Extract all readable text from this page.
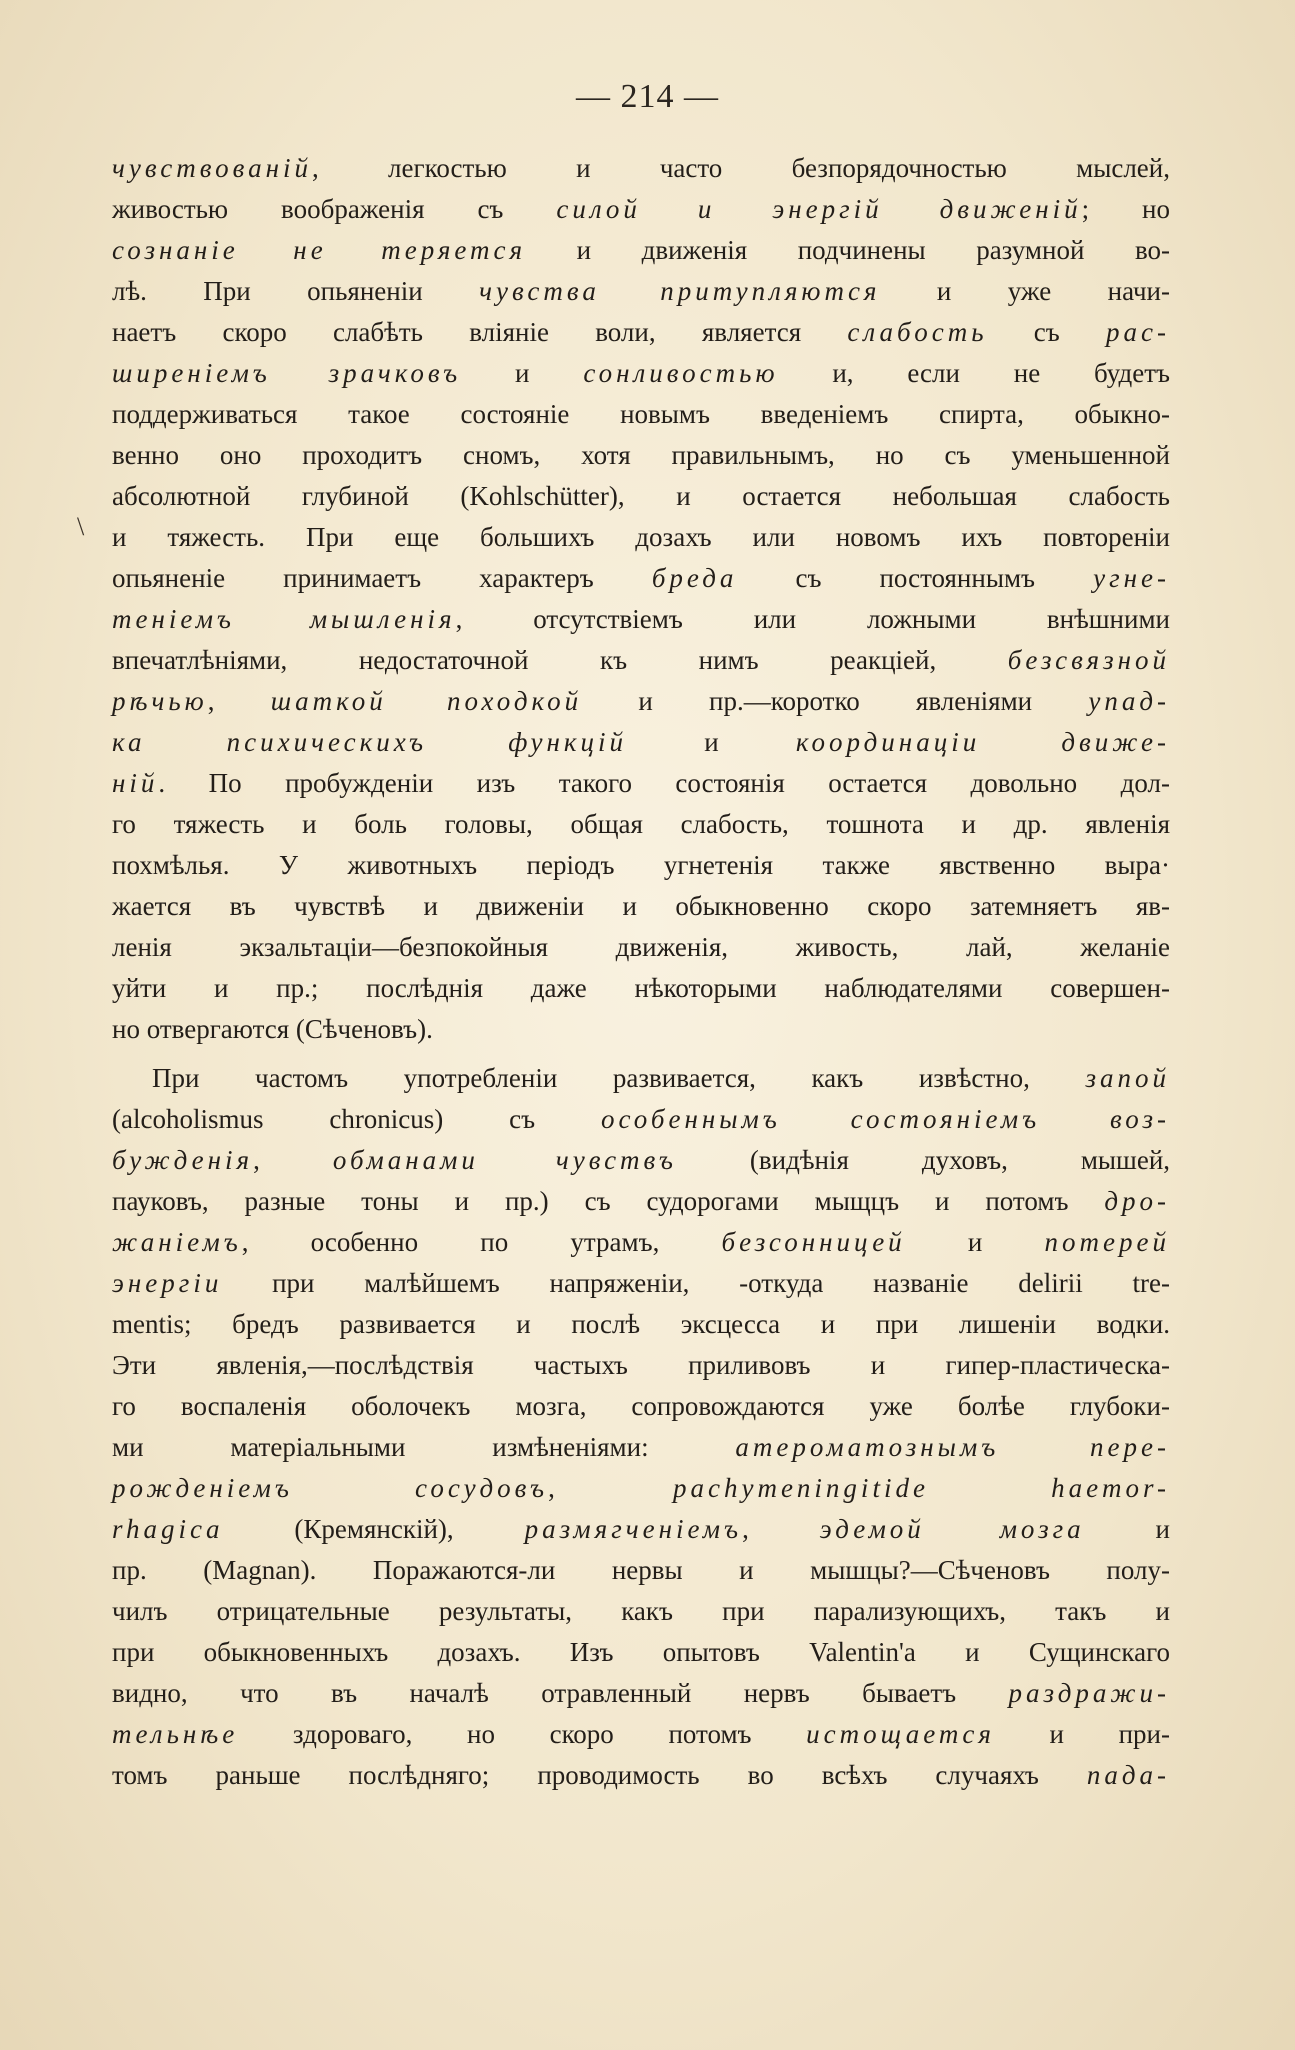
— 214 —
\
чувствованій, легкостью и часто безпорядочностью мыслей,
живостью воображенія съ силой и энергій движеній; но
сознаніе не теряется и движенія подчинены разумной во-
лѣ. При опьяненіи чувства притупляются и уже начи-
наетъ скоро слабѣть вліяніе воли, является слабость съ рас-
ширеніемъ зрачковъ и сонливостью и, если не будетъ
поддерживаться такое состояніе новымъ введеніемъ спирта, обыкно-
венно оно проходитъ сномъ, хотя правильнымъ, но съ уменьшенной
абсолютной глубиной (Kohlschütter), и остается небольшая слабость
и тяжесть. При еще большихъ дозахъ или новомъ ихъ повтореніи
опьяненіе принимаетъ характеръ бреда съ постояннымъ угне-
теніемъ мышленія, отсутствіемъ или ложными внѣшними
впечатлѣніями, недостаточной къ нимъ реакціей, безсвязной
рѣчью, шаткой походкой и пр.—коротко явленіями упад-
ка психическихъ функцій и координаціи движе-
ній. По пробужденіи изъ такого состоянія остается довольно дол-
го тяжесть и боль головы, общая слабость, тошнота и др. явленія
похмѣлья. У животныхъ періодъ угнетенія также явственно выра·
жается въ чувствѣ и движеніи и обыкновенно скоро затемняетъ яв-
ленія экзальтаціи—безпокойныя движенія, живость, лай, желаніе
уйти и пр.; послѣднія даже нѣкоторыми наблюдателями совершен-
но отвергаются (Сѣченовъ).
При частомъ употребленіи развивается, какъ извѣстно, запой
(alcoholismus chronicus) съ особеннымъ состояніемъ воз-
бужденія, обманами чувствъ (видѣнія духовъ, мышей,
пауковъ, разные тоны и пр.) съ судорогами мыщцъ и потомъ дро-
жаніемъ, особенно по утрамъ, безсонницей и потерей
энергіи при малѣйшемъ напряженіи, -откуда названіе delirii tre-
mentis; бредъ развивается и послѣ эксцесса и при лишеніи водки.
Эти явленія,—послѣдствія частыхъ приливовъ и гипер-пластическа-
го воспаленія оболочекъ мозга, сопровождаются уже болѣе глубоки-
ми матеріальными измѣненіями: атероматознымъ пере-
рожденіемъ сосудовъ, pachymeningitide haemor-
rhagica (Кремянскій), размягченіемъ, эдемой мозга и
пр. (Magnan). Поражаются-ли нервы и мышцы?—Сѣченовъ полу-
чилъ отрицательные результаты, какъ при парализующихъ, такъ и
при обыкновенныхъ дозахъ. Изъ опытовъ Valentin'а и Сущинскаго
видно, что въ началѣ отравленный нервъ бываетъ раздражи-
тельнѣе здороваго, но скоро потомъ истощается и при-
томъ раньше послѣдняго; проводимость во всѣхъ случаяхъ пада-
